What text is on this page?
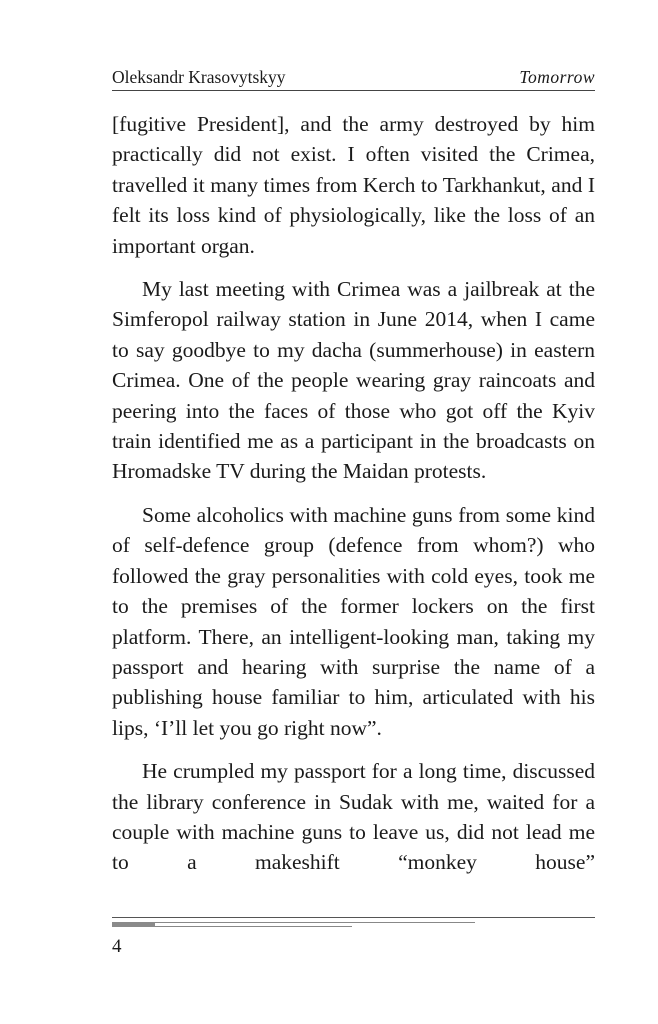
Oleksandr Krasovytskyy	Tomorrow

[fugitive President], and the army destroyed by him practically did not exist. I often visited the Crimea, travelled it many times from Kerch to Tarkhankut, and I felt its loss kind of physiologically, like the loss of an important organ.

My last meeting with Crimea was a jailbreak at the Simferopol railway station in June 2014, when I came to say goodbye to my dacha (summerhouse) in eastern Crimea. One of the people wearing gray raincoats and peering into the faces of those who got off the Kyiv train identified me as a participant in the broadcasts on Hromadske TV during the Maidan protests.

Some alcoholics with machine guns from some kind of self-defence group (defence from whom?) who followed the gray personalities with cold eyes, took me to the premises of the former lockers on the first platform. There, an intelligent-looking man, taking my passport and hearing with surprise the name of a publishing house familiar to him, articulated with his lips, ‘I’ll let you go right now”.

He crumpled my passport for a long time, discussed the library conference in Sudak with me, waited for a couple with machine guns to leave us, did not lead me to a makeshift “monkey house”

4
